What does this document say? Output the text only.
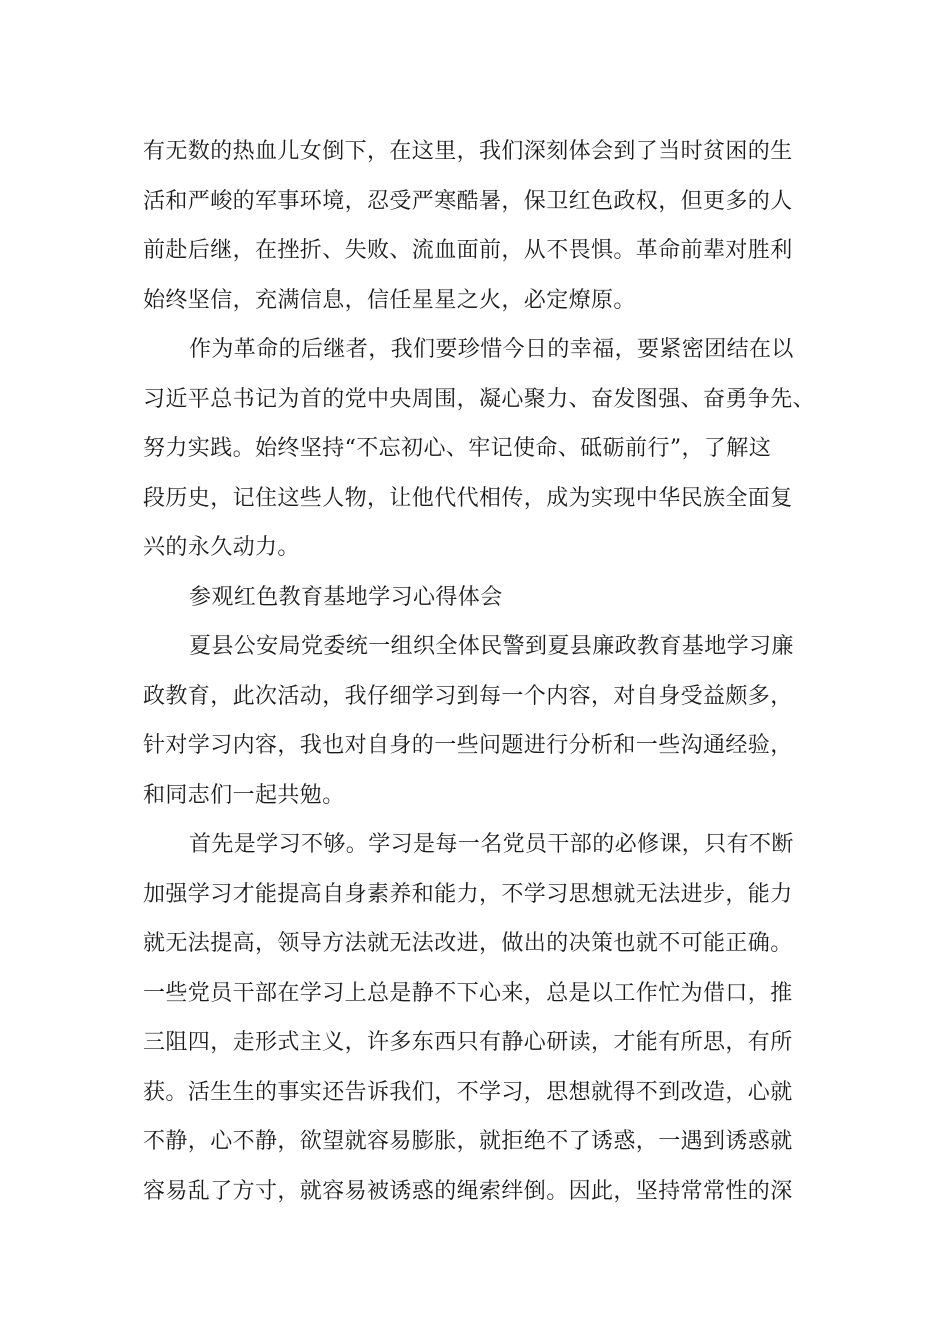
有无数的热血儿女倒下，在这里，我们深刻体会到了当时贫困的生
活和严峻的军事环境，忍受严寒酷暑，保卫红色政权，但更多的人
前赴后继，在挫折、失败、流血面前，从不畏惧。革命前辈对胜利
始终坚信，充满信息，信任星星之火，必定燎原。
作为革命的后继者，我们要珍惜今日的幸福，要紧密团结在以
习近平总书记为首的党中央周围，凝心聚力、奋发图强、奋勇争先、
努力实践。始终坚持“不忘初心、牢记使命、砥砺前行”，了解这
段历史，记住这些人物，让他代代相传，成为实现中华民族全面复
兴的永久动力。
参观红色教育基地学习心得体会
夏县公安局党委统一组织全体民警到夏县廉政教育基地学习廉
政教育，此次活动，我仔细学习到每一个内容，对自身受益颇多，
针对学习内容，我也对自身的一些问题进行分析和一些沟通经验，
和同志们一起共勉。
首先是学习不够。学习是每一名党员干部的必修课，只有不断
加强学习才能提高自身素养和能力，不学习思想就无法进步，能力
就无法提高，领导方法就无法改进，做出的决策也就不可能正确。
一些党员干部在学习上总是静不下心来，总是以工作忙为借口，推
三阻四，走形式主义，许多东西只有静心研读，才能有所思，有所
获。活生生的事实还告诉我们，不学习，思想就得不到改造，心就
不静，心不静，欲望就容易膨胀，就拒绝不了诱惑，一遇到诱惑就
容易乱了方寸，就容易被诱惑的绳索绊倒。因此，坚持常常性的深
